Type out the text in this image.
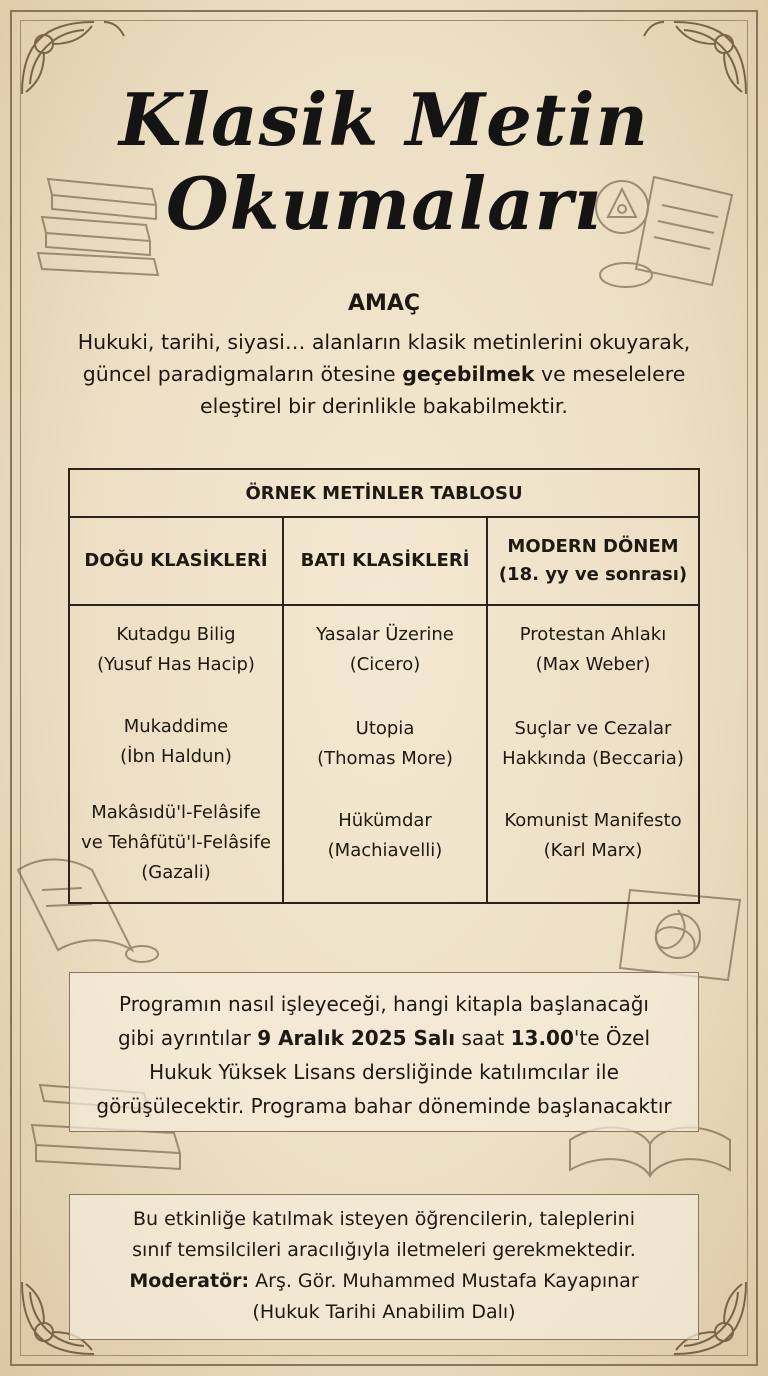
Klasik Metin
Okumaları
AMAÇ
Hukuki, tarihi, siyasi… alanların klasik metinlerini okuyarak, güncel paradigmaların ötesine geçebilmek ve meselelere eleştirel bir derinlikle bakabilmektir.
ÖRNEK METİNLER TABLOSU
DOĞU KLASİKLERİ BATI KLASİKLERİ
MODERN DÖNEM
(18. yy ve sonrası)
Kutadgu Bilig
(Yusuf Has Hacip)
Mukaddime
(İbn Haldun)
Makâsıdü'l-Felâsife
ve Tehâfütü'l-Felâsife
(Gazali)
Yasalar Üzerine
(Cicero)
Utopia
(Thomas More)
Hükümdar
(Machiavelli)
Protestan Ahlakı
(Max Weber)
Suçlar ve Cezalar
Hakkında (Beccaria)
Komunist Manifesto
(Karl Marx)
Programın nasıl işleyeceği, hangi kitapla başlanacağı
gibi ayrıntılar 9 Aralık 2025 Salı saat 13.00'te Özel
Hukuk Yüksek Lisans dersliğinde katılımcılar ile
görüşülecektir. Programa bahar döneminde başlanacaktır
Bu etkinliğe katılmak isteyen öğrencilerin, taleplerini
sınıf temsilcileri aracılığıyla iletmeleri gerekmektedir.
Moderatör: Arş. Gör. Muhammed Mustafa Kayapınar
(Hukuk Tarihi Anabilim Dalı)
